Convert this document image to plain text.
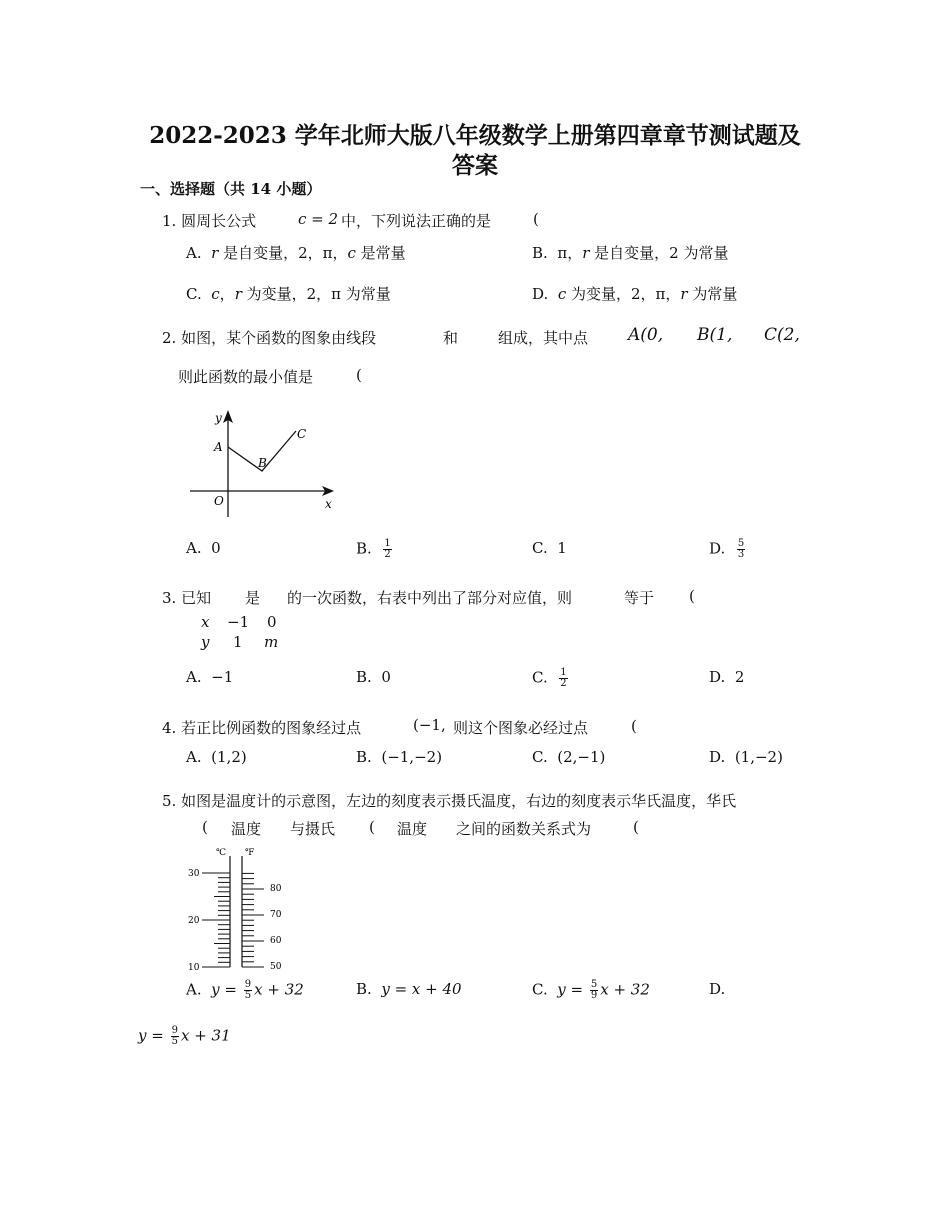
2022-2023 学年北师大版八年级数学上册第四章章节测试题及
答案
一、选择题（共 14 小题）
1. 圆周长公式	c = 2 中，下列说法正确的是	(
A. r 是自变量，2，π，c 是常量	B. π，r 是自变量，2 为常量
C. c，r 为变量，2，π 为常量	D. c 为变量，2，π，r 为常量
2. 如图，某个函数的图象由线段	和	组成，其中点 A(0, B(1, C(2,
则此函数的最小值是	(
y
x
O
A
B
C
A. 0	B. $\frac{1}{2}$	C. 1	D. $\frac{5}{3}$
3. 已知 是 的一次函数，右表中列出了部分对应值，则	等于 (
x −1 0
y 1 m
A. −1	B. 0	C. $\frac{1}{2}$	D. 2
4. 若正比例函数的图象经过点	(−1, 则这个图象必经过点	(
A. (1,2)	B. (−1,−2)	C. (2,−1)	D. (1,−2)
5. 如图是温度计的示意图，左边的刻度表示摄氏温度，右边的刻度表示华氏温度，华氏
( 温度 与摄氏 ( 温度 之间的函数关系式为	(
℃ ℉
30
20
10
80
70
60
50
A. $y = \frac{9}{5}$ x + 32	B. y = x + 40	C. $y = \frac{5}{9}$ x + 32	D.
$y = \frac{9}{5}$ x + 31
